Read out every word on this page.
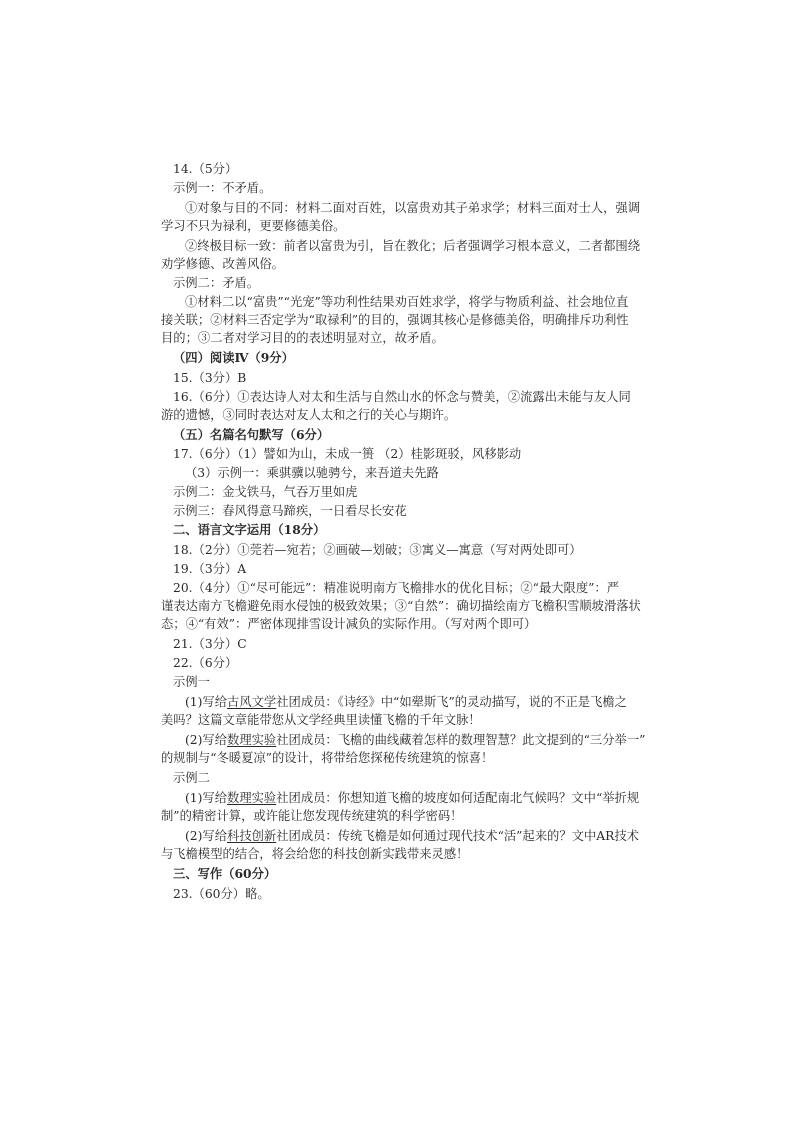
14.（5分）
示例一：不矛盾。
①对象与目的不同：材料二面对百姓，以富贵劝其子弟求学；材料三面对士人，强调
学习不只为禄利，更要修德美俗。
②终极目标一致：前者以富贵为引，旨在教化；后者强调学习根本意义，二者都围绕
劝学修德、改善风俗。
示例二：矛盾。
①材料二以“富贵”“光宠”等功利性结果劝百姓求学，将学与物质利益、社会地位直
接关联；②材料三否定学为“取禄利”的目的，强调其核心是修德美俗，明确排斥功利性
目的；③二者对学习目的的表述明显对立，故矛盾。
（四）阅读Ⅳ（9分）
15.（3分）B
16.（6分）①表达诗人对太和生活与自然山水的怀念与赞美，②流露出未能与友人同
游的遗憾，③同时表达对友人太和之行的关心与期许。
（五）名篇名句默写（6分）
17.（6分）（1）譬如为山，未成一篑 （2）桂影斑驳，风移影动
（3）示例一：乘骐骥以驰骋兮，来吾道夫先路
示例二：金戈铁马，气吞万里如虎
示例三：春风得意马蹄疾，一日看尽长安花
二、语言文字运用（18分）
18.（2分）①莞若—宛若；②画破—划破；③寓义—寓意（写对两处即可）
19.（3分）A
20.（4分）①“尽可能远”：精准说明南方飞檐排水的优化目标；②“最大限度”：严
谨表达南方飞檐避免雨水侵蚀的极致效果；③“自然”：确切描绘南方飞檐积雪顺坡滑落状
态；④“有效”：严密体现排雪设计减负的实际作用。（写对两个即可）
21.（3分）C
22.（6分）
示例一
(1)写给古风文学社团成员：《诗经》中“如翚斯飞”的灵动描写，说的不正是飞檐之
美吗？这篇文章能带您从文学经典里读懂飞檐的千年文脉！
(2)写给数理实验社团成员：飞檐的曲线藏着怎样的数理智慧？此文提到的“三分举一”
的规制与“冬暖夏凉”的设计，将带给您探秘传统建筑的惊喜！
示例二
(1)写给数理实验社团成员：你想知道飞檐的坡度如何适配南北气候吗？文中“举折规
制”的精密计算，或许能让您发现传统建筑的科学密码！
(2)写给科技创新社团成员：传统飞檐是如何通过现代技术“活”起来的？文中AR技术
与飞檐模型的结合，将会给您的科技创新实践带来灵感！
三、写作（60分）
23.（60分）略。
